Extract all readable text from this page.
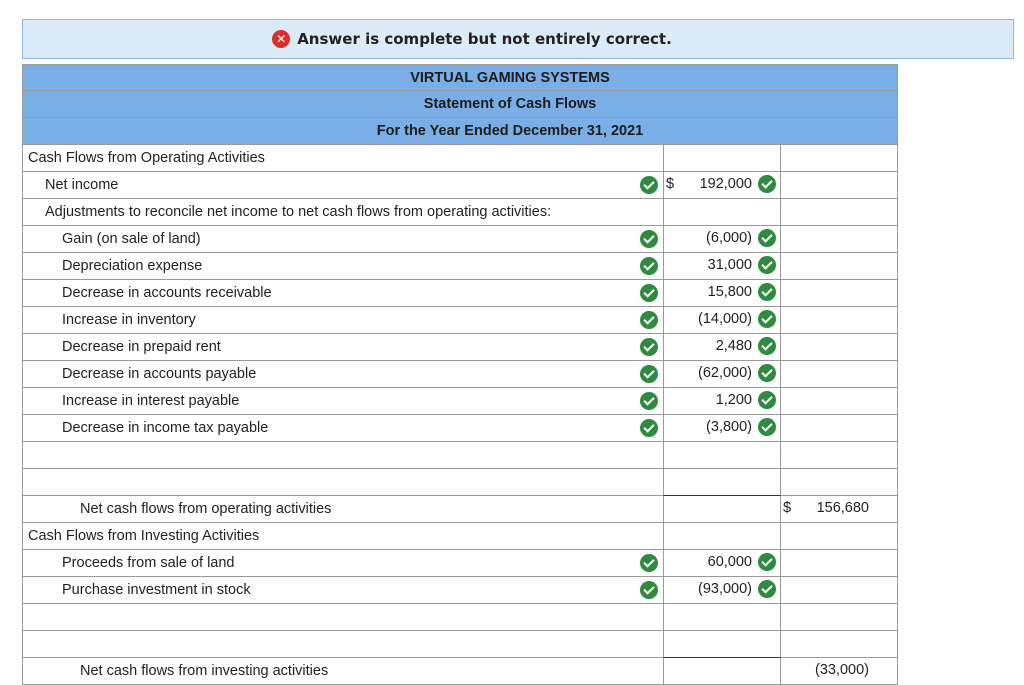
✕ Answer is complete but not entirely correct.
VIRTUAL GAMING SYSTEMS
Statement of Cash Flows
For the Year Ended December 31, 2021
Cash Flows from Operating Activities
Net income	$ 192,000
Adjustments to reconcile net income to net cash flows from operating activities:
Gain (on sale of land)	(6,000)
Depreciation expense	31,000
Decrease in accounts receivable	15,800
Increase in inventory	(14,000)
Decrease in prepaid rent	2,480
Decrease in accounts payable	(62,000)
Increase in interest payable	1,200
Decrease in income tax payable	(3,800)
Net cash flows from operating activities	$ 156,680
Cash Flows from Investing Activities
Proceeds from sale of land	60,000
Purchase investment in stock	(93,000)
Net cash flows from investing activities	(33,000)
